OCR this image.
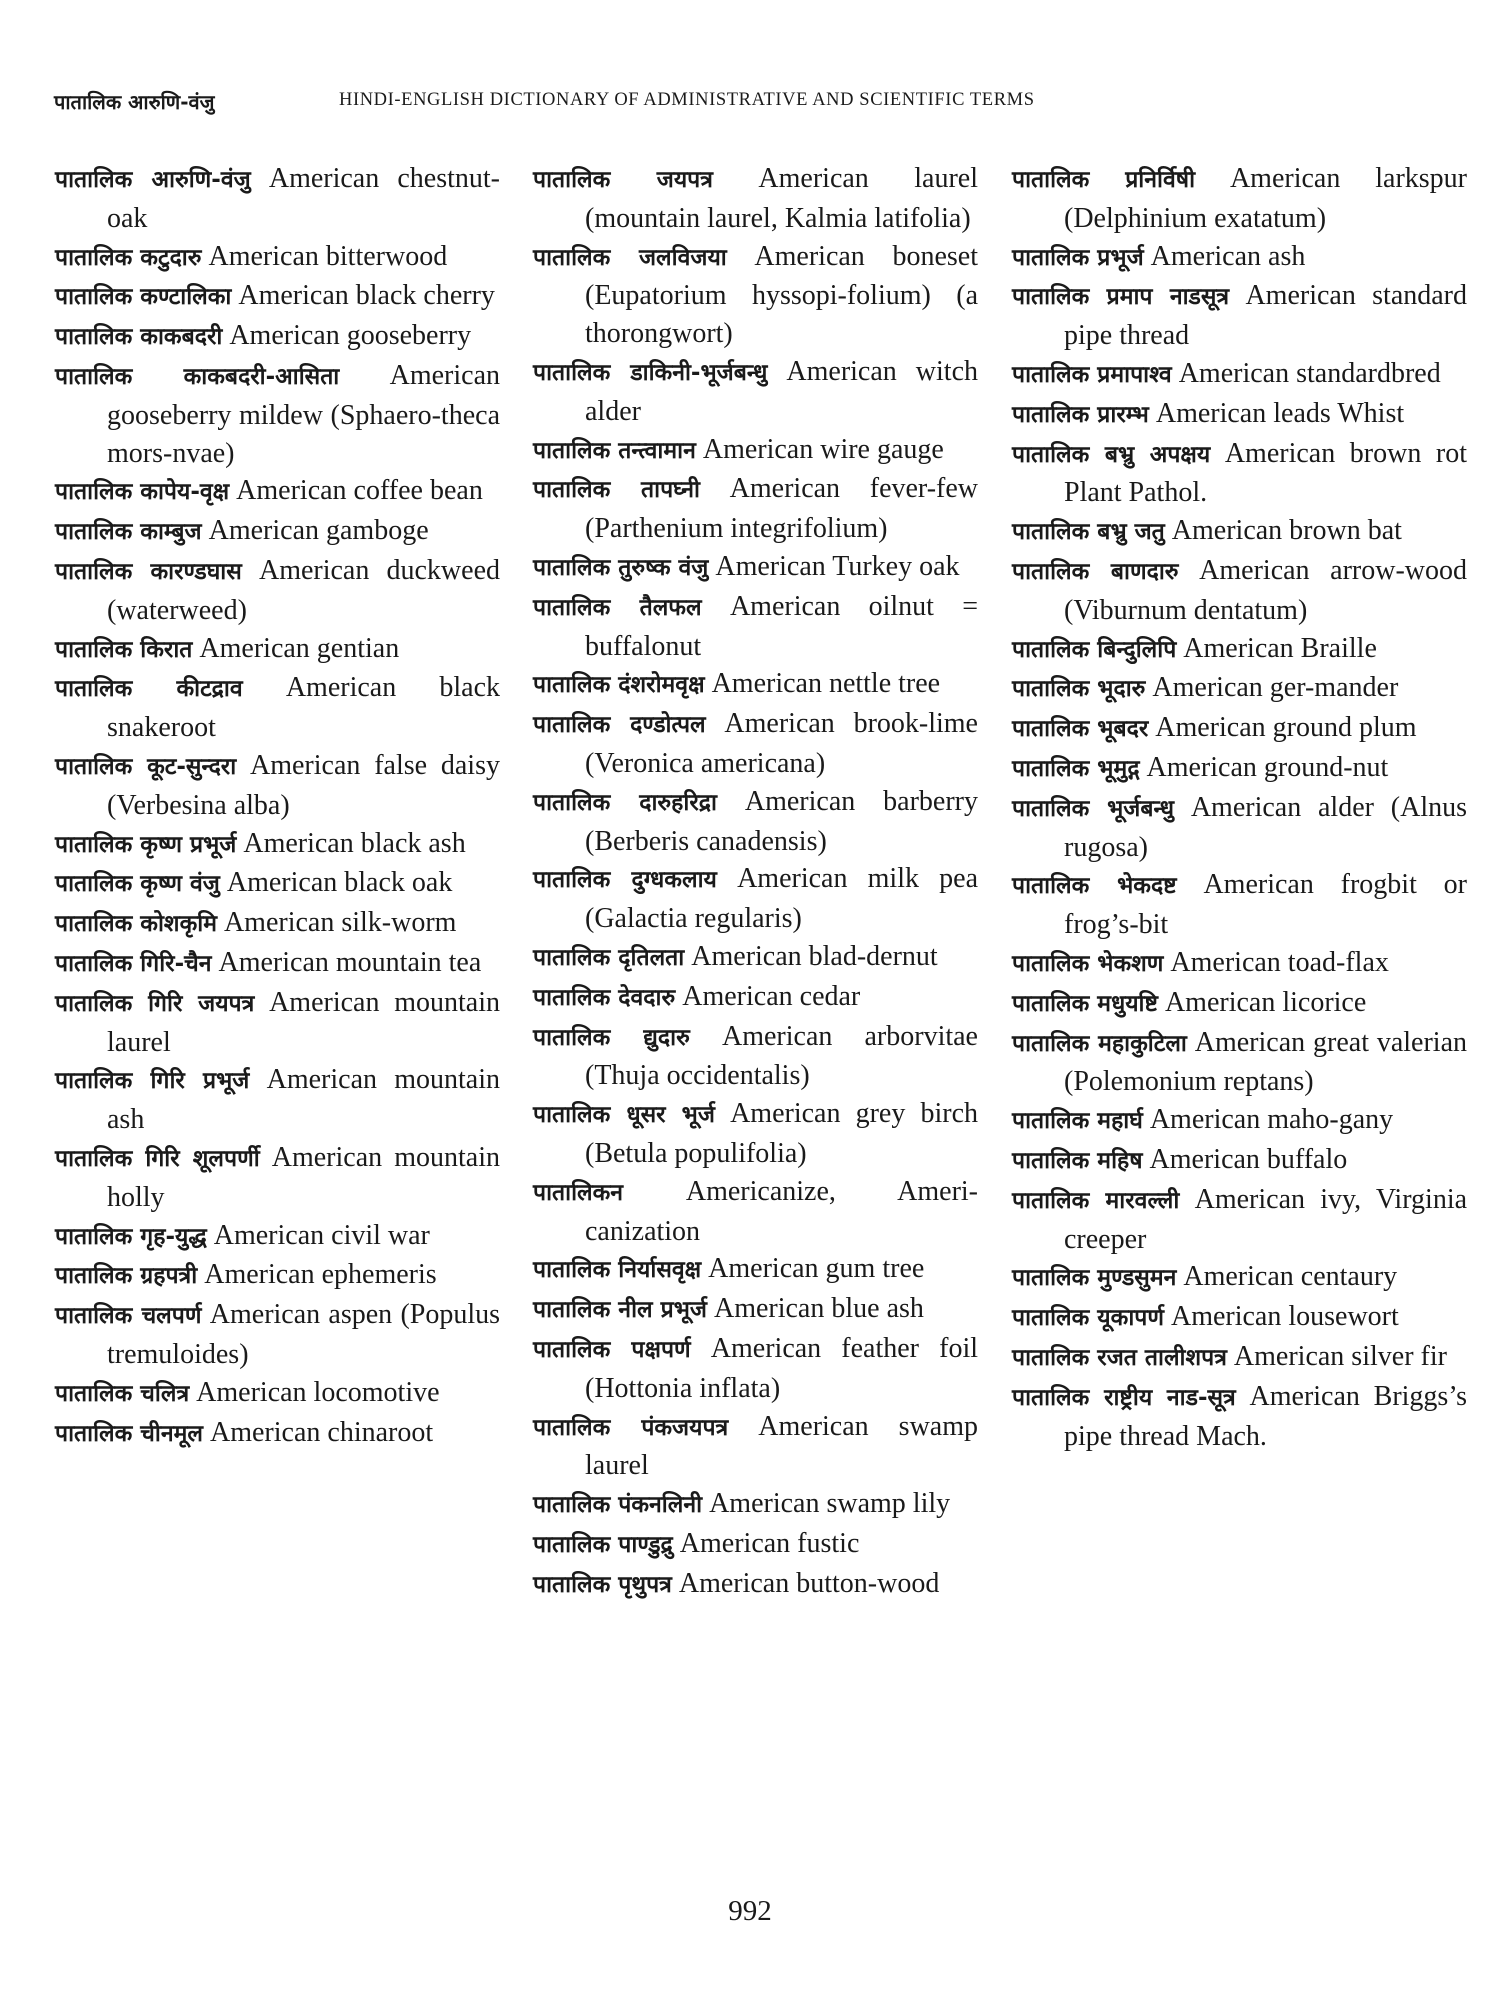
पातालिक आरुणि-वंजु	HINDI-ENGLISH DICTIONARY OF ADMINISTRATIVE AND SCIENTIFIC TERMS
पातालिक आरुणि-वंजु American chestnut-oak
पातालिक कटुदारु American bitterwood
पातालिक कण्टालिका American black cherry
पातालिक काकबदरी American gooseberry
पातालिक काकबदरी-आसिता American gooseberry mildew (Sphaero-theca mors-nvae)
पातालिक कापेय-वृक्ष American coffee bean
पातालिक काम्बुज American gamboge
पातालिक कारण्डघास American duckweed (waterweed)
पातालिक किरात American gentian
पातालिक कीटद्राव American black snakeroot
पातालिक कूट-सुन्दरा American false daisy (Verbesina alba)
पातालिक कृष्ण प्रभूर्ज American black ash
पातालिक कृष्ण वंजु American black oak
पातालिक कोशकृमि American silk-worm
पातालिक गिरि-चैन American mountain tea
पातालिक गिरि जयपत्र American mountain laurel
पातालिक गिरि प्रभूर्ज American mountain ash
पातालिक गिरि शूलपर्णी American mountain holly
पातालिक गृह-युद्ध American civil war
पातालिक ग्रहपत्री American ephemeris
पातालिक चलपर्ण American aspen (Populus tremuloides)
पातालिक चलित्र American locomotive
पातालिक चीनमूल American chinaroot
पातालिक जयपत्र American laurel (mountain laurel, Kalmia latifolia)
पातालिक जलविजया American boneset (Eupatorium hyssopi-folium) (a thorongwort)
पातालिक डाकिनी-भूर्जबन्धु American witch alder
पातालिक तन्त्वामान American wire gauge
पातालिक तापघ्नी American fever-few (Parthenium integrifolium)
पातालिक तुरुष्क वंजु American Turkey oak
पातालिक तैलफल American oilnut = buffalonut
पातालिक दंशरोमवृक्ष American nettle tree
पातालिक दण्डोत्पल American brook-lime (Veronica americana)
पातालिक दारुहरिद्रा American barberry (Berberis canadensis)
पातालिक दुग्धकलाय American milk pea (Galactia regularis)
पातालिक दृतिलता American blad-dernut
पातालिक देवदारु American cedar
पातालिक द्युदारु American arborvitae (Thuja occidentalis)
पातालिक धूसर भूर्ज American grey birch (Betula populifolia)
पातालिकन Americanize, Ameri-canization
पातालिक निर्यासवृक्ष American gum tree
पातालिक नील प्रभूर्ज American blue ash
पातालिक पक्षपर्ण American feather foil (Hottonia inflata)
पातालिक पंकजयपत्र American swamp laurel
पातालिक पंकनलिनी American swamp lily
पातालिक पाण्डुद्रु American fustic
पातालिक पृथुपत्र American button-wood
पातालिक प्रनिर्विषी American larkspur (Delphinium exatatum)
पातालिक प्रभूर्ज American ash
पातालिक प्रमाप नाडसूत्र American standard pipe thread
पातालिक प्रमापाश्व American standardbred
पातालिक प्रारम्भ American leads Whist
पातालिक बभ्रु अपक्षय American brown rot Plant Pathol.
पातालिक बभ्रु जतु American brown bat
पातालिक बाणदारु American arrow-wood (Viburnum dentatum)
पातालिक बिन्दुलिपि American Braille
पातालिक भूदारु American ger-mander
पातालिक भूबदर American ground plum
पातालिक भूमुद्ग American ground-nut
पातालिक भूर्जबन्धु American alder (Alnus rugosa)
पातालिक भेकदष्ट American frogbit or frog’s-bit
पातालिक भेकशण American toad-flax
पातालिक मधुयष्टि American licorice
पातालिक महाकुटिला American great valerian (Polemonium reptans)
पातालिक महार्घ American maho-gany
पातालिक महिष American buffalo
पातालिक मारवल्ली American ivy, Virginia creeper
पातालिक मुण्डसुमन American centaury
पातालिक यूकापर्ण American lousewort
पातालिक रजत तालीशपत्र American silver fir
पातालिक राष्ट्रीय नाड-सूत्र American Briggs’s pipe thread Mach.
992
